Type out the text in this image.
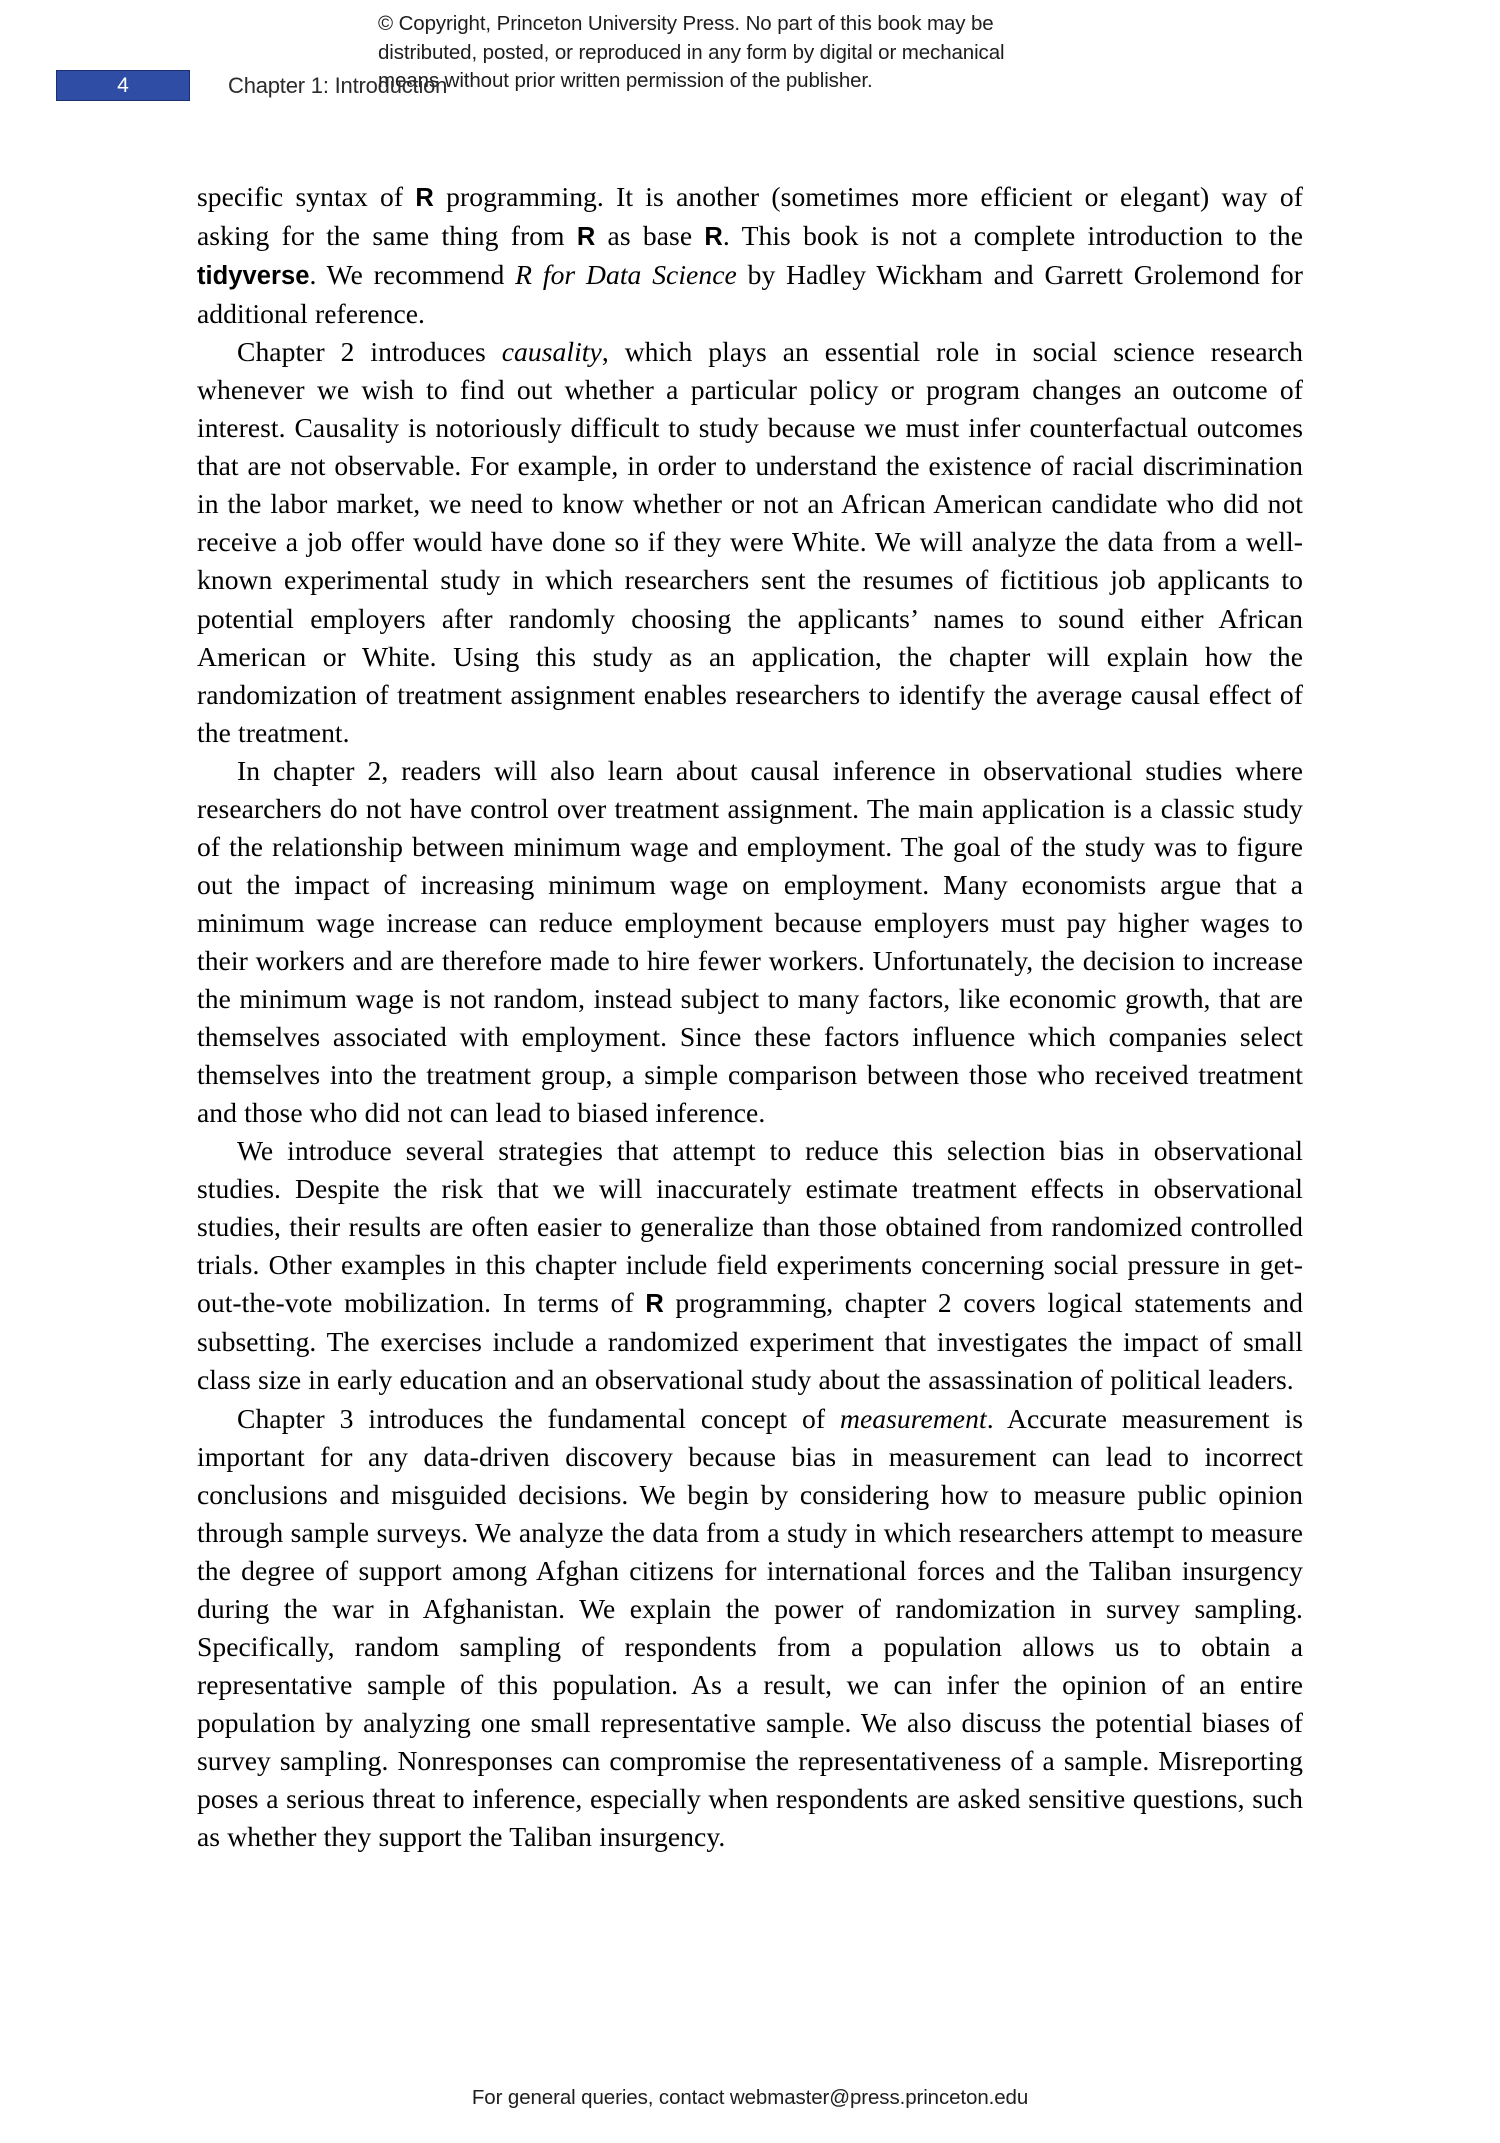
© Copyright, Princeton University Press. No part of this book may be
distributed, posted, or reproduced in any form by digital or mechanical
means without prior written permission of the publisher.
4	Chapter 1: Introduction

specific syntax of R programming. It is another (sometimes more efficient or elegant) way of asking for the same thing from R as base R. This book is not a complete introduction to the tidyverse. We recommend R for Data Science by Hadley Wickham and Garrett Grolemond for additional reference.

Chapter 2 introduces causality, which plays an essential role in social science research whenever we wish to find out whether a particular policy or program changes an outcome of interest. Causality is notoriously difficult to study because we must infer counterfactual outcomes that are not observable. For example, in order to understand the existence of racial discrimination in the labor market, we need to know whether or not an African American candidate who did not receive a job offer would have done so if they were White. We will analyze the data from a well-known experimental study in which researchers sent the resumes of fictitious job applicants to potential employers after randomly choosing the applicants’ names to sound either African American or White. Using this study as an application, the chapter will explain how the randomization of treatment assignment enables researchers to identify the average causal effect of the treatment.

In chapter 2, readers will also learn about causal inference in observational studies where researchers do not have control over treatment assignment. The main application is a classic study of the relationship between minimum wage and employment. The goal of the study was to figure out the impact of increasing minimum wage on employment. Many economists argue that a minimum wage increase can reduce employment because employers must pay higher wages to their workers and are therefore made to hire fewer workers. Unfortunately, the decision to increase the minimum wage is not random, instead subject to many factors, like economic growth, that are themselves associated with employment. Since these factors influence which companies select themselves into the treatment group, a simple comparison between those who received treatment and those who did not can lead to biased inference.

We introduce several strategies that attempt to reduce this selection bias in observational studies. Despite the risk that we will inaccurately estimate treatment effects in observational studies, their results are often easier to generalize than those obtained from randomized controlled trials. Other examples in this chapter include field experiments concerning social pressure in get-out-the-vote mobilization. In terms of R programming, chapter 2 covers logical statements and subsetting. The exercises include a randomized experiment that investigates the impact of small class size in early education and an observational study about the assassination of political leaders.

Chapter 3 introduces the fundamental concept of measurement. Accurate measurement is important for any data-driven discovery because bias in measurement can lead to incorrect conclusions and misguided decisions. We begin by considering how to measure public opinion through sample surveys. We analyze the data from a study in which researchers attempt to measure the degree of support among Afghan citizens for international forces and the Taliban insurgency during the war in Afghanistan. We explain the power of randomization in survey sampling. Specifically, random sampling of respondents from a population allows us to obtain a representative sample of this population. As a result, we can infer the opinion of an entire population by analyzing one small representative sample. We also discuss the potential biases of survey sampling. Nonresponses can compromise the representativeness of a sample. Misreporting poses a serious threat to inference, especially when respondents are asked sensitive questions, such as whether they support the Taliban insurgency.

For general queries, contact webmaster@press.princeton.edu
